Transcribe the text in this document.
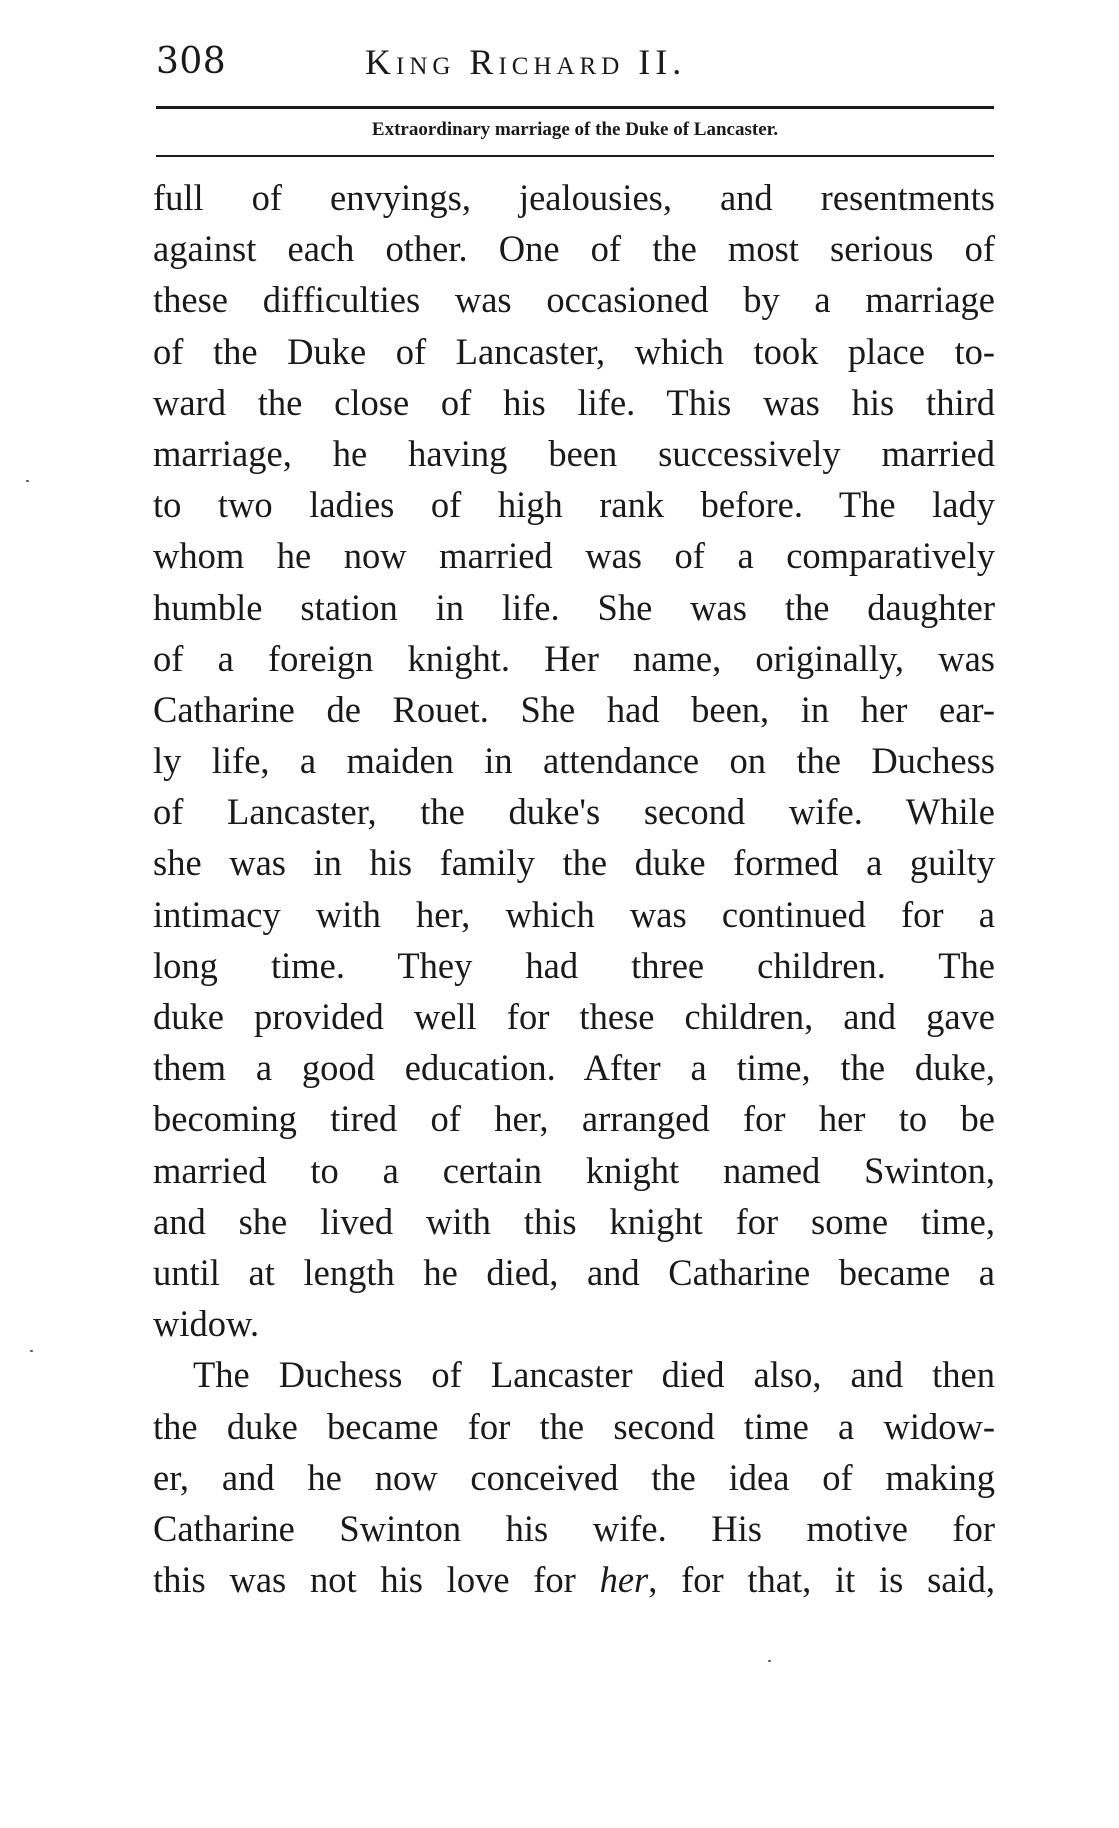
308	King Richard II.
Extraordinary marriage of the Duke of Lancaster.
full of envyings, jealousies, and resentments
against each other. One of the most serious of
these difficulties was occasioned by a marriage
of the Duke of Lancaster, which took place to-
ward the close of his life. This was his third
marriage, he having been successively married
to two ladies of high rank before. The lady
whom he now married was of a comparatively
humble station in life. She was the daughter
of a foreign knight. Her name, originally, was
Catharine de Rouet. She had been, in her ear-
ly life, a maiden in attendance on the Duchess
of Lancaster, the duke's second wife. While
she was in his family the duke formed a guilty
intimacy with her, which was continued for a
long time. They had three children. The
duke provided well for these children, and gave
them a good education. After a time, the duke,
becoming tired of her, arranged for her to be
married to a certain knight named Swinton,
and she lived with this knight for some time,
until at length he died, and Catharine became a
widow.
The Duchess of Lancaster died also, and then
the duke became for the second time a widow-
er, and he now conceived the idea of making
Catharine Swinton his wife. His motive for
this was not his love for her, for that, it is said,
